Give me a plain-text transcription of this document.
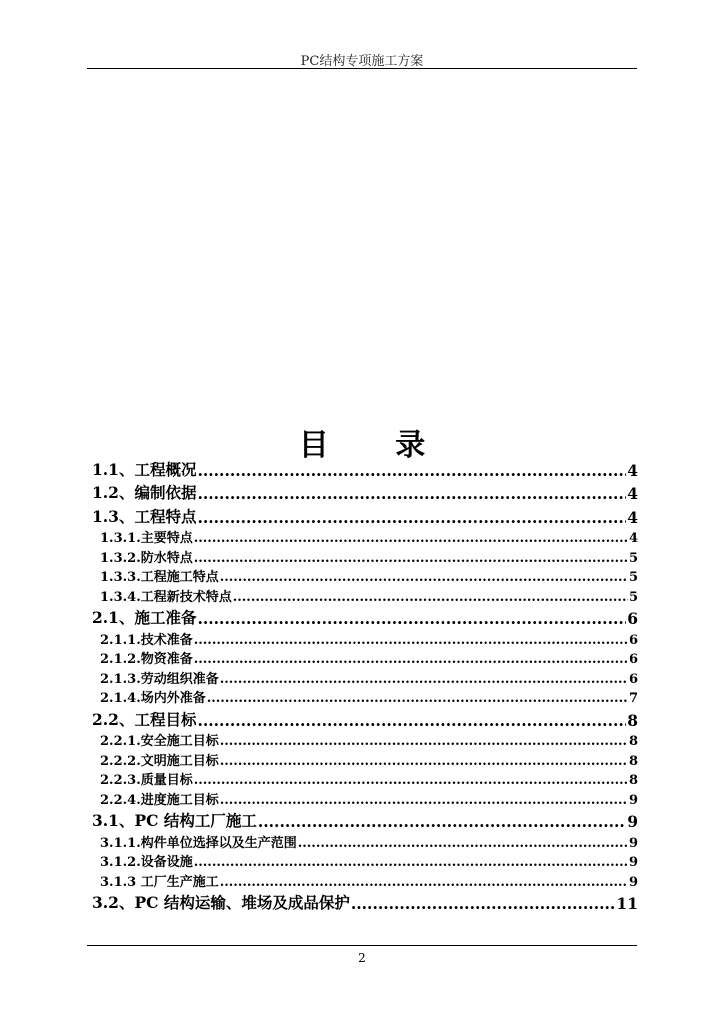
PC结构专项施工方案
目 录
1.1、工程概况 .....	4
1.2、编制依据 .....	4
1.3、工程特点 .....	4
1.3.1.主要特点 .....	4
1.3.2.防水特点 .....	5
1.3.3.工程施工特点 .....	5
1.3.4.工程新技术特点 .....	5
2.1、施工准备 .....	6
2.1.1.技术准备 .....	6
2.1.2.物资准备 .....	6
2.1.3.劳动组织准备 .....	6
2.1.4.场内外准备 .....	7
2.2、工程目标 .....	8
2.2.1.安全施工目标 .....	8
2.2.2.文明施工目标 .....	8
2.2.3.质量目标 .....	8
2.2.4.进度施工目标 .....	9
3.1、PC 结构工厂施工 .....	9
3.1.1.构件单位选择以及生产范围 .....	9
3.1.2.设备设施 .....	9
3.1.3 工厂生产施工 .....	9
3.2、PC 结构运输、堆场及成品保护 .....	11
2
